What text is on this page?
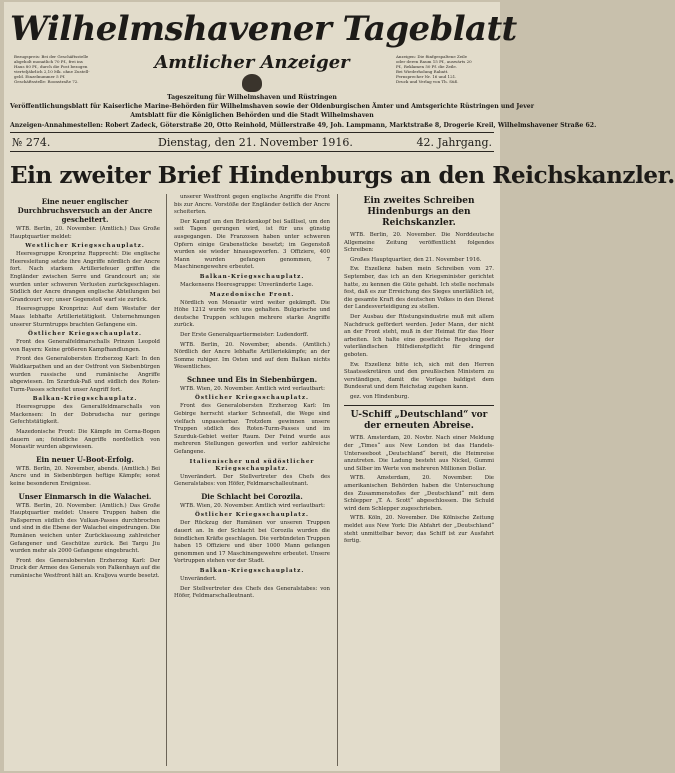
Wilhelmshavener Tageblatt
Bezugspreis: Bei der Geschäftsstelle
abgeholt monatlich 70 Pf., frei ins
Haus 80 Pf., durch die Post bezogen
vierteljährlich 2,10 Mk. ohne Zustell-
geld. Einzelnummer 5 Pf.
Geschäftsstelle: Roonstraße 72.
Amtlicher Anzeiger	Anzeigen: Die fünfgespaltene Zeile
oder deren Raum 15 Pf., auswärts 20
Pf., Reklamen 50 Pf. die Zeile.
Bei Wiederholung Rabatt.
Fernsprecher Nr. 16 und 121.
Druck und Verlag von Th. Süß.
Tageszeitung für Wilhelmshaven und Rüstringen
Veröffentlichungsblatt für Kaiserliche Marine-Behörden für Wilhelmshaven sowie der Oldenburgischen Ämter und Amtsgerichte Rüstringen und Jever
Amtsblatt für die Königlichen Behörden und die Stadt Wilhelmshaven
Anzeigen-Annahmestellen: Robert Zadeck, Göterstraße 20, Otto Reinhold, Müllerstraße 49, Joh. Lampmann, Marktstraße 8, Drogerie Kreil, Wilhelmshavener Straße 62.
№ 274.	Dienstag, den 21. November 1916.	42. Jahrgang.
Ein zweiter Brief Hindenburgs an den Reichskanzler.
Eine neuer englischer Durchbruchsversuch an der Ancre gescheitert.

WTB. Berlin, 20. November. (Amtlich.) Das Große Hauptquartier meldet:

Westlicher Kriegsschauplatz.

Heeresgruppe Kronprinz Rupprecht: Die englische Heeresleitung setzte ihre Angriffe nördlich der Ancre fort. Nach starkem Artilleriefeuer griffen die Engländer zwischen Serre und Grandcourt an; sie wurden unter schweren Verlusten zurückgeschlagen. Südlich der Ancre drangen englische Abteilungen bei Grandcourt vor; unser Gegenstoß warf sie zurück.

Heeresgruppe Kronprinz: Auf dem Westufer der Maas lebhafte Artillerietätigkeit. Unternehmungen unserer Sturmtrupps brachten Gefangene ein.

Östlicher Kriegsschauplatz.

Front des Generalfeldmarschalls Prinzen Leopold von Bayern: Keine größeren Kampfhandlungen.

Front des Generalobersten Erzherzog Karl: In den Waldkarpathen und an der Ostfront von Siebenbürgen wurden russische und rumänische Angriffe abgewiesen. Im Szurduk-Paß und südlich des Roten-Turm-Passes schreitet unser Angriff fort.

Balkan-Kriegsschauplatz.

Heeresgruppe des Generalfeldmarschalls von Mackensen: In der Dobrudscha nur geringe Gefechtstätigkeit.

Mazedonische Front: Die Kämpfe im Cerna-Bogen dauern an; feindliche Angriffe nordöstlich von Monastir wurden abgewiesen.

Ein neuer U-Boot-Erfolg.

WTB. Berlin, 20. November, abends. (Amtlich.) Bei Ancre und in Siebenbürgen heftige Kämpfe; sonst keine besonderen Ereignisse.

Unser Einmarsch in die Walachei.

WTB. Berlin, 20. November. (Amtlich.) Das Große Hauptquartier meldet: Unsere Truppen haben die Paßsperren südlich des Vulkan-Passes durchbrochen und sind in die Ebene der Walachei eingedrungen. Die Rumänen weichen unter Zurücklassung zahlreicher Gefangener und Geschütze zurück. Bei Targu Jiu wurden mehr als 2000 Gefangene eingebracht.

Front des Generalobersten Erzherzog Karl: Der Druck der Armee des Generals von Falkenhayn auf die rumänische Westfront hält an. Kraljova wurde besetzt.

unserer Westfront gegen englische Angriffe die Front bis zur Ancre. Vorstöße der Engländer östlich der Ancre scheiterten.

Der Kampf um den Brückenkopf bei Saillisel, um den seit Tagen gerungen wird, ist für uns günstig ausgegangen. Die Franzosen haben unter schweren Opfern einige Grabenstücke besetzt; im Gegenstoß wurden sie wieder hinausgeworfen. 3 Offiziere, 400 Mann wurden gefangen genommen, 7 Maschinengewehre erbeutet.

Balkan-Kriegsschauplatz.

Mackensens Heeresgruppe: Unveränderte Lage.

Mazedonische Front.

Nördlich von Monastir wird weiter gekämpft. Die Höhe 1212 wurde von uns gehalten. Bulgarische und deutsche Truppen schlugen mehrere starke Angriffe zurück.

Der Erste Generalquartiermeister: Ludendorff.

WTB. Berlin, 20. November, abends. (Amtlich.) Nördlich der Ancre lebhafte Artilleriekämpfe; an der Somme ruhiger. Im Osten und auf dem Balkan nichts Wesentliches.

Schnee und Eis in Siebenbürgen.

WTB. Wien, 20. November. Amtlich wird verlautbart:

Östlicher Kriegsschauplatz.

Front des Generalobersten Erzherzog Karl: Im Gebirge herrscht starker Schneefall, die Wege sind vielfach unpassierbar. Trotzdem gewinnen unsere Truppen südlich des Roten-Turm-Passes und im Szurduk-Gebiet weiter Raum. Der Feind wurde aus mehreren Stellungen geworfen und verlor zahlreiche Gefangene.

Italienischer und südöstlicher Kriegsschauplatz.

Unverändert. Der Stellvertreter des Chefs des Generalstabes: von Höfer, Feldmarschalleutnant.

Die Schlacht bei Corozila.

WTB. Wien, 20. November. Amtlich wird verlautbart:

Östlicher Kriegsschauplatz.

Der Rückzug der Rumänen vor unseren Truppen dauert an. In der Schlacht bei Corozila wurden die feindlichen Kräfte geschlagen. Die verbündeten Truppen haben 15 Offiziere und über 1000 Mann gefangen genommen und 17 Maschinengewehre erbeutet. Unsere Vortruppen stehen vor der Stadt.

Balkan-Kriegsschauplatz.

Unverändert.

Der Stellvertreter des Chefs des Generalstabes: von Höfer, Feldmarschalleutnant.

Ein zweites Schreiben Hindenburgs an den Reichskanzler.

WTB. Berlin, 20. November. Die Norddeutsche Allgemeine Zeitung veröffentlicht folgendes Schreiben:

Großes Hauptquartier, den 21. November 1916.

Ew. Exzellenz haben mein Schreiben vom 27. September, das ich an den Kriegsminister gerichtet hatte, zu kennen die Güte gehabt. Ich stelle nochmals fest, daß es zur Erreichung des Sieges unerläßlich ist, die gesamte Kraft des deutschen Volkes in den Dienst der Landesverteidigung zu stellen.

Der Ausbau der Rüstungsindustrie muß mit allem Nachdruck gefördert werden. Jeder Mann, der nicht an der Front steht, muß in der Heimat für das Heer arbeiten. Ich halte eine gesetzliche Regelung der vaterländischen Hilfsdienstpflicht für dringend geboten.

Ew. Exzellenz bitte ich, sich mit den Herren Staatssekretären und den preußischen Ministern zu verständigen, damit die Vorlage baldigst dem Bundesrat und dem Reichstag zugehen kann.

gez. von Hindenburg.

U-Schiff „Deutschland“ vor der erneuten Abreise.

WTB. Amsterdam, 20. Novbr. Nach einer Meldung der „Times“ aus New London ist das Handels-Unterseeboot „Deutschland“ bereit, die Heimreise anzutreten. Die Ladung besteht aus Nickel, Gummi und Silber im Werte von mehreren Millionen Dollar.

WTB. Amsterdam, 20. November. Die amerikanischen Behörden haben die Untersuchung des Zusammenstoßes der „Deutschland“ mit dem Schlepper „T. A. Scott“ abgeschlossen. Die Schuld wird dem Schlepper zugeschrieben.

WTB. Köln, 20. November. Die Kölnische Zeitung meldet aus New York: Die Abfahrt der „Deutschland“ steht unmittelbar bevor; das Schiff ist zur Ausfahrt fertig.
